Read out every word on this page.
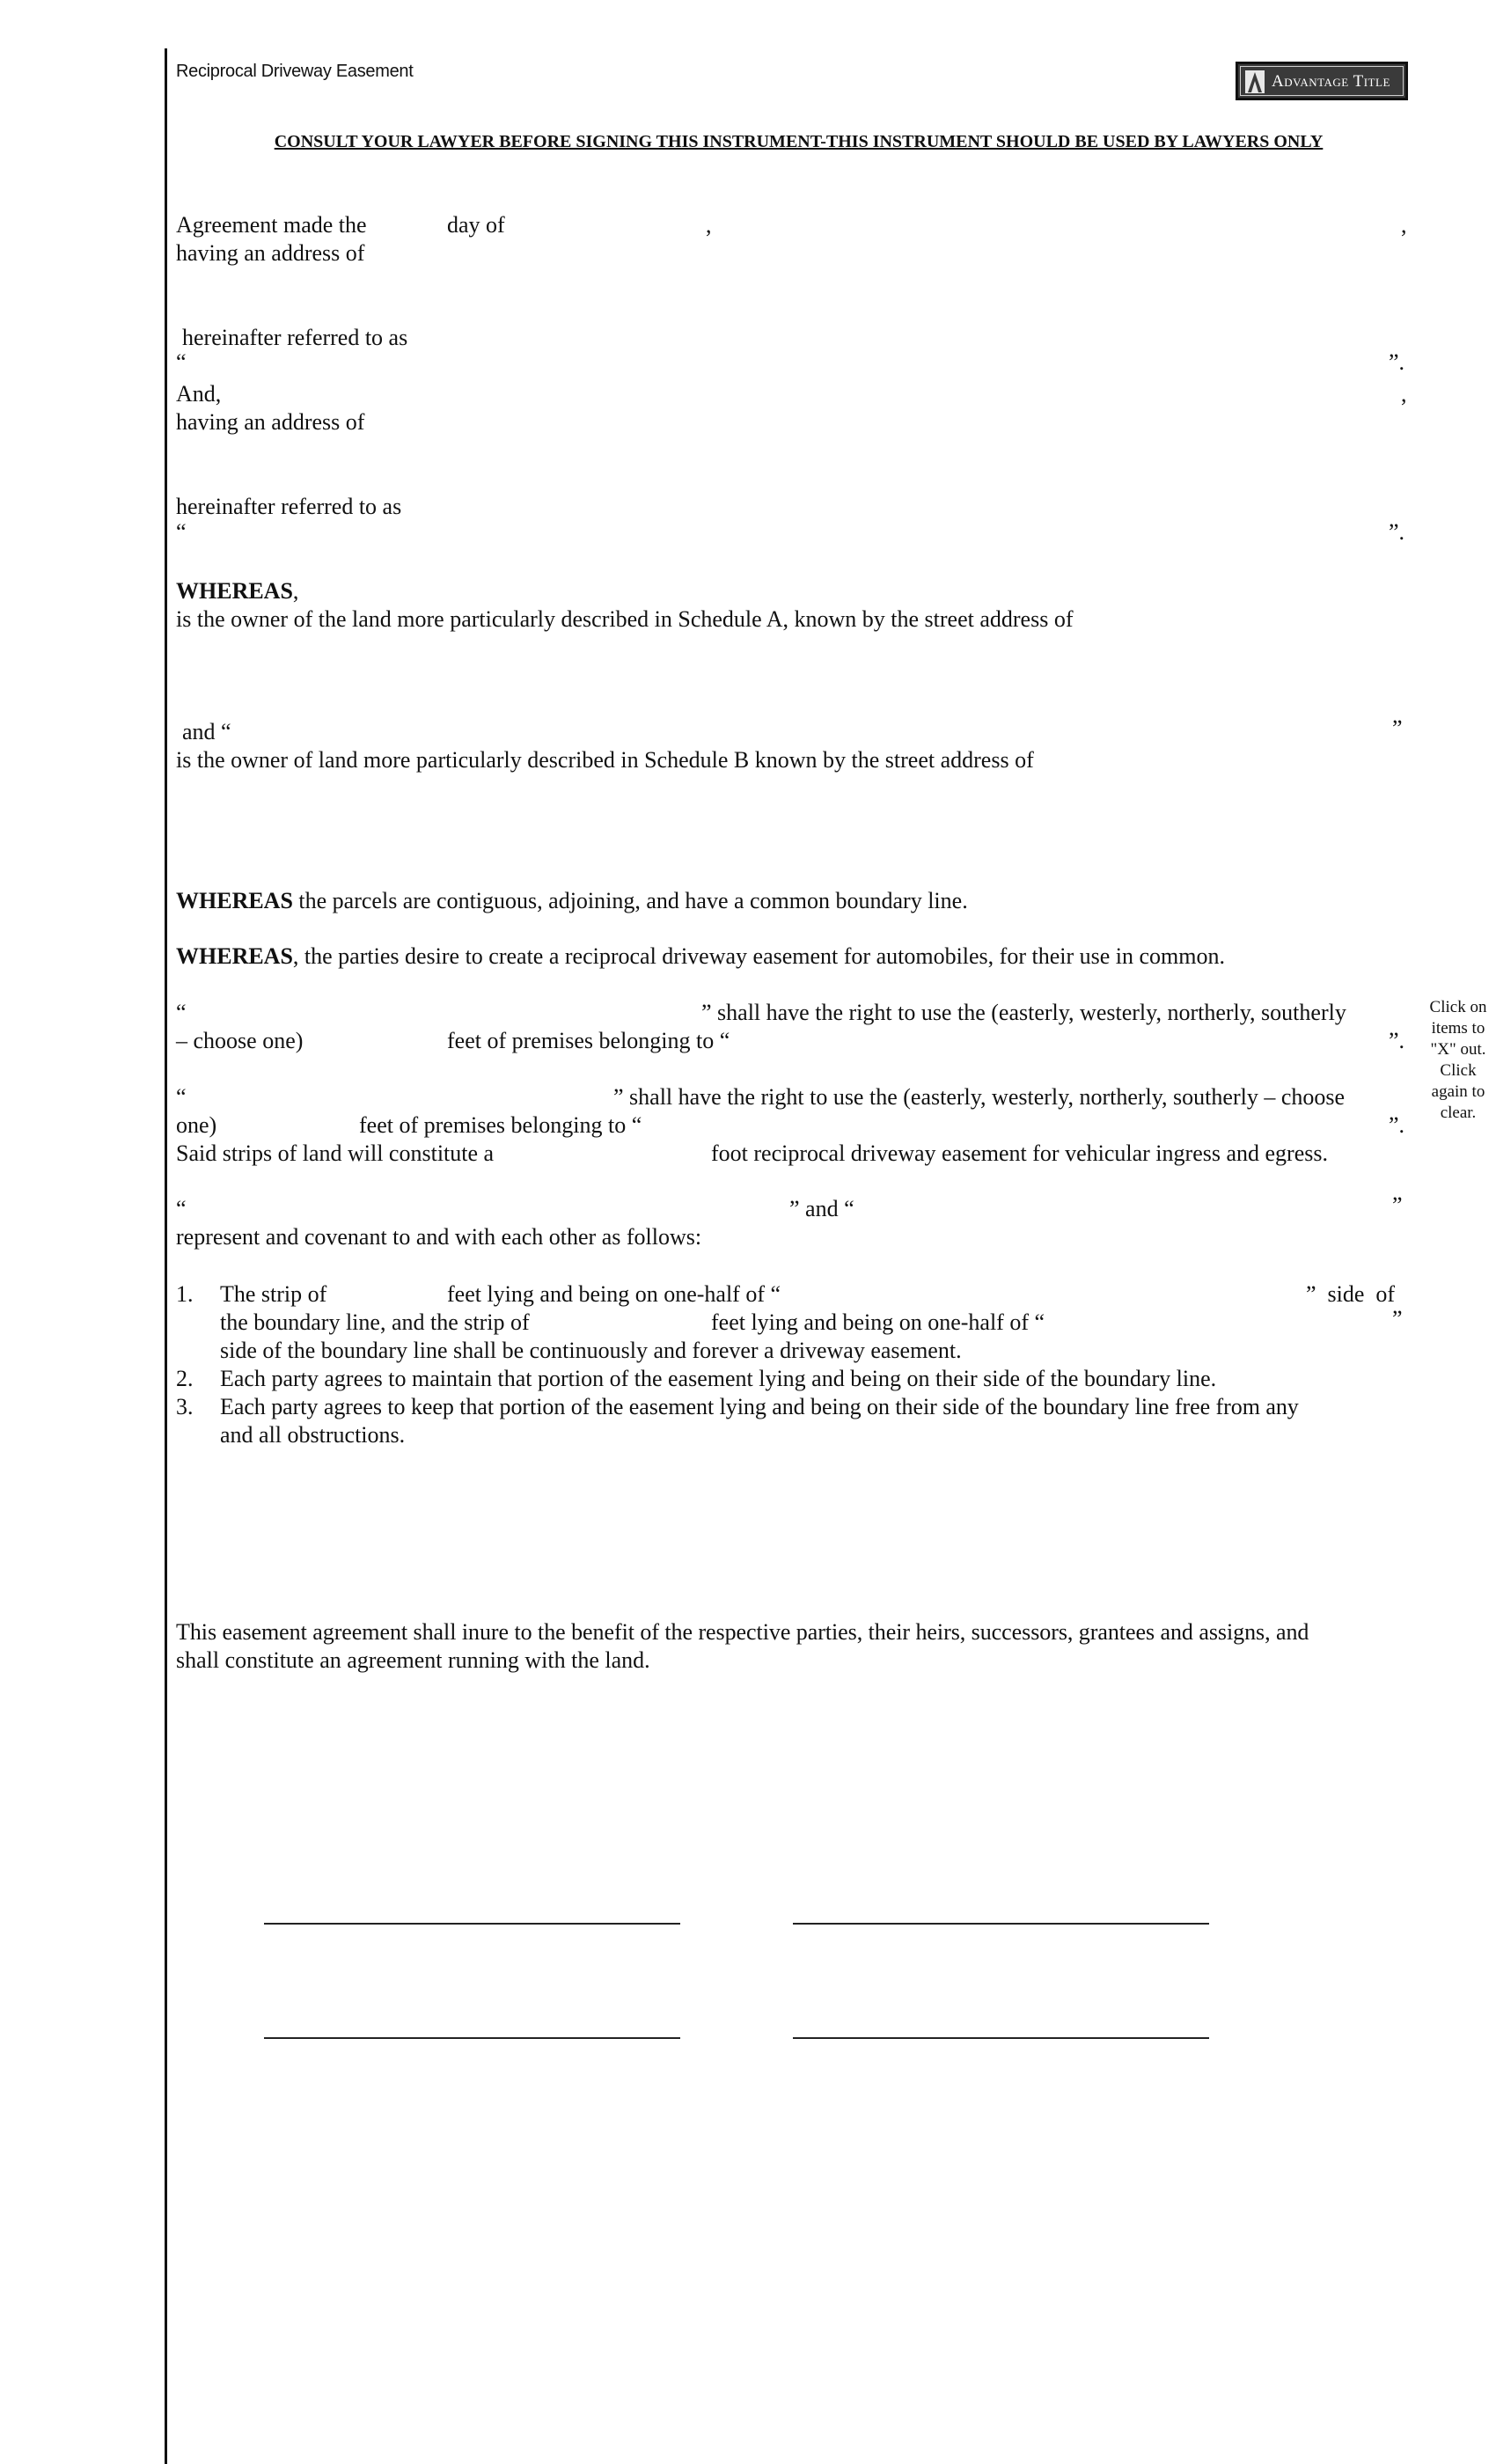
Reciprocal Driveway Easement
Advantage Title
CONSULT YOUR LAWYER BEFORE SIGNING THIS INSTRUMENT-THIS INSTRUMENT SHOULD BE USED BY LAWYERS ONLY
Agreement made the	day of	,	,
having an address of
hereinafter referred to as
“	”.
And,	,
having an address of
hereinafter referred to as
“	”.
WHEREAS,
is the owner of the land more particularly described in Schedule A, known by the street address of
and “	”
is the owner of land more particularly described in Schedule B known by the street address of
WHEREAS the parcels are contiguous, adjoining, and have a common boundary line.
WHEREAS, the parties desire to create a reciprocal driveway easement for automobiles, for their use in common.
“	” shall have the right to use the (easterly, westerly, northerly, southerly
– choose one)	feet of premises belonging to “	”.
“	” shall have the right to use the (easterly, westerly, northerly, southerly – choose
one)	feet of premises belonging to “	”.
Said strips of land will constitute a	foot reciprocal driveway easement for vehicular ingress and egress.
“	” and “	”
represent and covenant to and with each other as follows:
1. The strip of	feet lying and being on one-half of “	”  side  of
the boundary line, and the strip of	feet lying and being on one-half of “	”
side of the boundary line shall be continuously and forever a driveway easement.
2. Each party agrees to maintain that portion of the easement lying and being on their side of the boundary line.
3. Each party agrees to keep that portion of the easement lying and being on their side of the boundary line free from any
and all obstructions.
This easement agreement shall inure to the benefit of the respective parties, their heirs, successors, grantees and assigns, and
shall constitute an agreement running with the land.
Click on
items to
"X" out.
Click
again to
clear.
